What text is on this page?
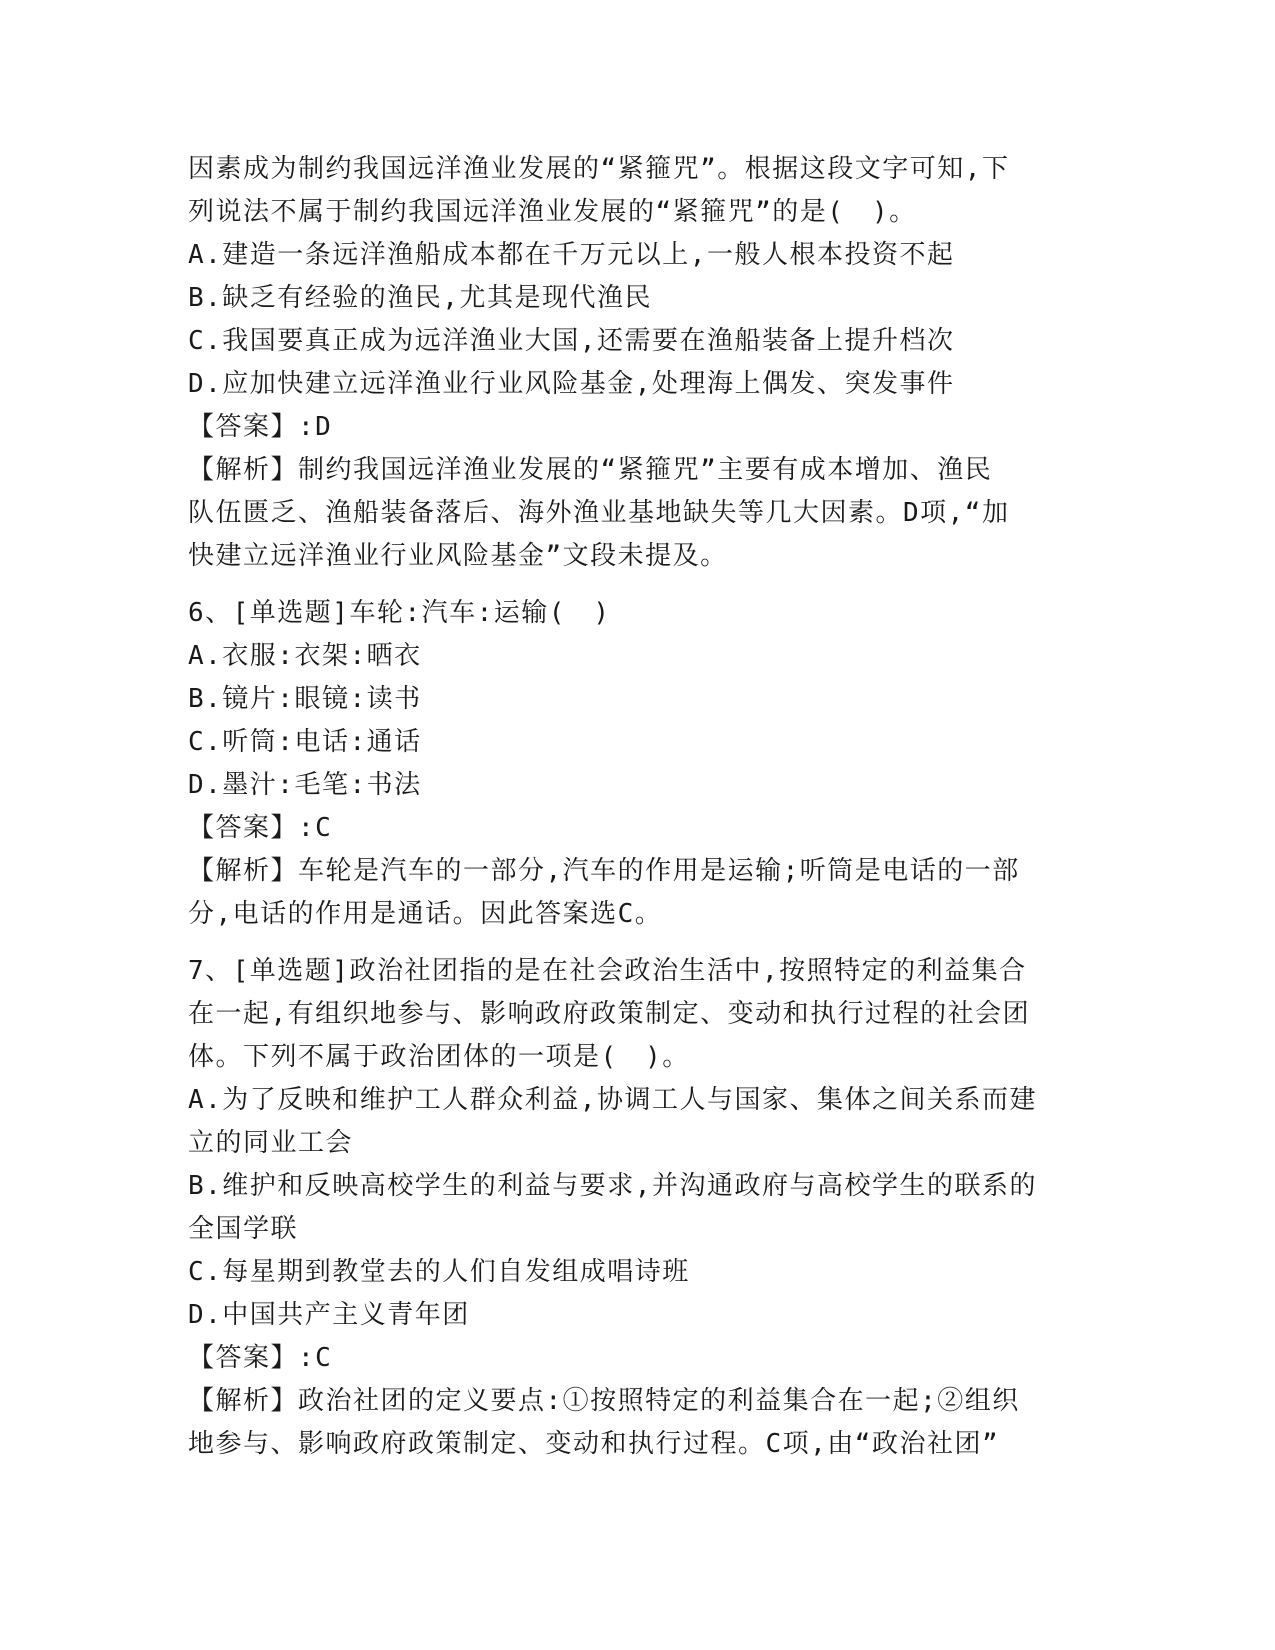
因素成为制约我国远洋渔业发展的“紧箍咒”。根据这段文字可知,下
列说法不属于制约我国远洋渔业发展的“紧箍咒”的是(　)。
A.建造一条远洋渔船成本都在千万元以上,一般人根本投资不起
B.缺乏有经验的渔民,尤其是现代渔民
C.我国要真正成为远洋渔业大国,还需要在渔船装备上提升档次
D.应加快建立远洋渔业行业风险基金,处理海上偶发、突发事件
【答案】:D
【解析】制约我国远洋渔业发展的“紧箍咒”主要有成本增加、渔民
队伍匮乏、渔船装备落后、海外渔业基地缺失等几大因素。D项,“加
快建立远洋渔业行业风险基金”文段未提及。
6、[单选题]车轮:汽车:运输(　)
A.衣服:衣架:晒衣
B.镜片:眼镜:读书
C.听筒:电话:通话
D.墨汁:毛笔:书法
【答案】:C
【解析】车轮是汽车的一部分,汽车的作用是运输;听筒是电话的一部
分,电话的作用是通话。因此答案选C。
7、[单选题]政治社团指的是在社会政治生活中,按照特定的利益集合
在一起,有组织地参与、影响政府政策制定、变动和执行过程的社会团
体。下列不属于政治团体的一项是(　)。
A.为了反映和维护工人群众利益,协调工人与国家、集体之间关系而建
立的同业工会
B.维护和反映高校学生的利益与要求,并沟通政府与高校学生的联系的
全国学联
C.每星期到教堂去的人们自发组成唱诗班
D.中国共产主义青年团
【答案】:C
【解析】政治社团的定义要点:①按照特定的利益集合在一起;②组织
地参与、影响政府政策制定、变动和执行过程。C项,由“政治社团”
